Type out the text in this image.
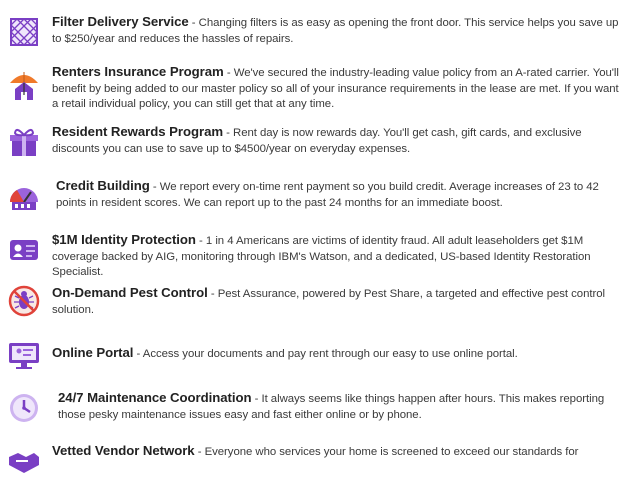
Filter Delivery Service - Changing filters is as easy as opening the front door. This service helps you save up to $250/year and reduces the hassles of repairs.
Renters Insurance Program - We've secured the industry-leading value policy from an A-rated carrier. You'll benefit by being added to our master policy so all of your insurance requirements in the lease are met. If you want a retail individual policy, you can still get that at any time.
Resident Rewards Program - Rent day is now rewards day. You'll get cash, gift cards, and exclusive discounts you can use to save up to $4500/year on everyday expenses.
Credit Building - We report every on-time rent payment so you build credit. Average increases of 23 to 42 points in resident scores. We can report up to the past 24 months for an immediate boost.
$1M Identity Protection - 1 in 4 Americans are victims of identity fraud. All adult leaseholders get $1M coverage backed by AIG, monitoring through IBM's Watson, and a dedicated, US-based Identity Restoration Specialist.
On-Demand Pest Control - Pest Assurance, powered by Pest Share, a targeted and effective pest control solution.
Online Portal - Access your documents and pay rent through our easy to use online portal.
24/7 Maintenance Coordination - It always seems like things happen after hours. This makes reporting those pesky maintenance issues easy and fast either online or by phone.
Vetted Vendor Network - Everyone who services your home is screened to exceed our standards for
